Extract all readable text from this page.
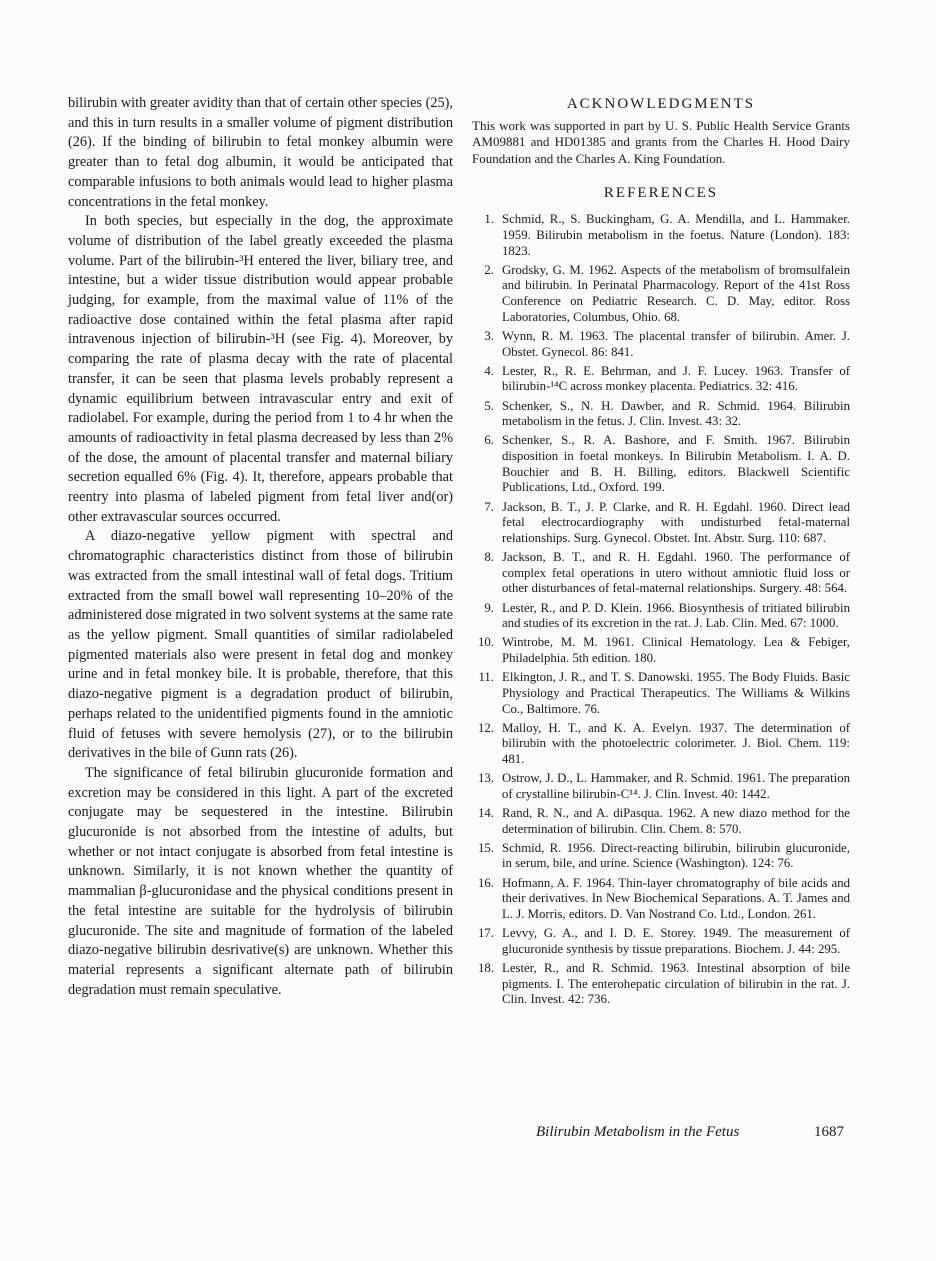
bilirubin with greater avidity than that of certain other species (25), and this in turn results in a smaller volume of pigment distribution (26). If the binding of bilirubin to fetal monkey albumin were greater than to fetal dog albumin, it would be anticipated that comparable infusions to both animals would lead to higher plasma concentrations in the fetal monkey.

In both species, but especially in the dog, the approximate volume of distribution of the label greatly exceeded the plasma volume. Part of the bilirubin-³H entered the liver, biliary tree, and intestine, but a wider tissue distribution would appear probable judging, for example, from the maximal value of 11% of the radioactive dose contained within the fetal plasma after rapid intravenous injection of bilirubin-³H (see Fig. 4). Moreover, by comparing the rate of plasma decay with the rate of placental transfer, it can be seen that plasma levels probably represent a dynamic equilibrium between intravascular entry and exit of radiolabel. For example, during the period from 1 to 4 hr when the amounts of radioactivity in fetal plasma decreased by less than 2% of the dose, the amount of placental transfer and maternal biliary secretion equalled 6% (Fig. 4). It, therefore, appears probable that reentry into plasma of labeled pigment from fetal liver and(or) other extravascular sources occurred.

A diazo-negative yellow pigment with spectral and chromatographic characteristics distinct from those of bilirubin was extracted from the small intestinal wall of fetal dogs. Tritium extracted from the small bowel wall representing 10–20% of the administered dose migrated in two solvent systems at the same rate as the yellow pigment. Small quantities of similar radiolabeled pigmented materials also were present in fetal dog and monkey urine and in fetal monkey bile. It is probable, therefore, that this diazo-negative pigment is a degradation product of bilirubin, perhaps related to the unidentified pigments found in the amniotic fluid of fetuses with severe hemolysis (27), or to the bilirubin derivatives in the bile of Gunn rats (26).

The significance of fetal bilirubin glucuronide formation and excretion may be considered in this light. A part of the excreted conjugate may be sequestered in the intestine. Bilirubin glucuronide is not absorbed from the intestine of adults, but whether or not intact conjugate is absorbed from fetal intestine is unknown. Similarly, it is not known whether the quantity of mammalian β-glucuronidase and the physical conditions present in the fetal intestine are suitable for the hydrolysis of bilirubin glucuronide. The site and magnitude of formation of the labeled diazo-negative bilirubin desrivative(s) are unknown. Whether this material represents a significant alternate path of bilirubin degradation must remain speculative.

ACKNOWLEDGMENTS

This work was supported in part by U. S. Public Health Service Grants AM09881 and HD01385 and grants from the Charles H. Hood Dairy Foundation and the Charles A. King Foundation.

REFERENCES
1. Schmid, R., S. Buckingham, G. A. Mendilla, and L. Hammaker. 1959. Bilirubin metabolism in the foetus. Nature (London). 183: 1823.
2. Grodsky, G. M. 1962. Aspects of the metabolism of bromsulfalein and bilirubin. In Perinatal Pharmacology. Report of the 41st Ross Conference on Pediatric Research. C. D. May, editor. Ross Laboratories, Columbus, Ohio. 68.
3. Wynn, R. M. 1963. The placental transfer of bilirubin. Amer. J. Obstet. Gynecol. 86: 841.
4. Lester, R., R. E. Behrman, and J. F. Lucey. 1963. Transfer of bilirubin-¹⁴C across monkey placenta. Pediatrics. 32: 416.
5. Schenker, S., N. H. Dawber, and R. Schmid. 1964. Bilirubin metabolism in the fetus. J. Clin. Invest. 43: 32.
6. Schenker, S., R. A. Bashore, and F. Smith. 1967. Bilirubin disposition in foetal monkeys. In Bilirubin Metabolism. I. A. D. Bouchier and B. H. Billing, editors. Blackwell Scientific Publications, Ltd., Oxford. 199.
7. Jackson, B. T., J. P. Clarke, and R. H. Egdahl. 1960. Direct lead fetal electrocardiography with undisturbed fetal-maternal relationships. Surg. Gynecol. Obstet. Int. Abstr. Surg. 110: 687.
8. Jackson, B. T., and R. H. Egdahl. 1960. The performance of complex fetal operations in utero without amniotic fluid loss or other disturbances of fetal-maternal relationships. Surgery. 48: 564.
9. Lester, R., and P. D. Klein. 1966. Biosynthesis of tritiated bilirubin and studies of its excretion in the rat. J. Lab. Clin. Med. 67: 1000.
10. Wintrobe, M. M. 1961. Clinical Hematology. Lea & Febiger, Philadelphia. 5th edition. 180.
11. Elkington, J. R., and T. S. Danowski. 1955. The Body Fluids. Basic Physiology and Practical Therapeutics. The Williams & Wilkins Co., Baltimore. 76.
12. Malloy, H. T., and K. A. Evelyn. 1937. The determination of bilirubin with the photoelectric colorimeter. J. Biol. Chem. 119: 481.
13. Ostrow, J. D., L. Hammaker, and R. Schmid. 1961. The preparation of crystalline bilirubin-C¹⁴. J. Clin. Invest. 40: 1442.
14. Rand, R. N., and A. diPasqua. 1962. A new diazo method for the determination of bilirubin. Clin. Chem. 8: 570.
15. Schmid, R. 1956. Direct-reacting bilirubin, bilirubin glucuronide, in serum, bile, and urine. Science (Washington). 124: 76.
16. Hofmann, A. F. 1964. Thin-layer chromatography of bile acids and their derivatives. In New Biochemical Separations. A. T. James and L. J. Morris, editors. D. Van Nostrand Co. Ltd., London. 261.
17. Levvy, G. A., and I. D. E. Storey. 1949. The measurement of glucuronide synthesis by tissue preparations. Biochem. J. 44: 295.
18. Lester, R., and R. Schmid. 1963. Intestinal absorption of bile pigments. I. The enterohepatic circulation of bilirubin in the rat. J. Clin. Invest. 42: 736.
Bilirubin Metabolism in the Fetus	1687
